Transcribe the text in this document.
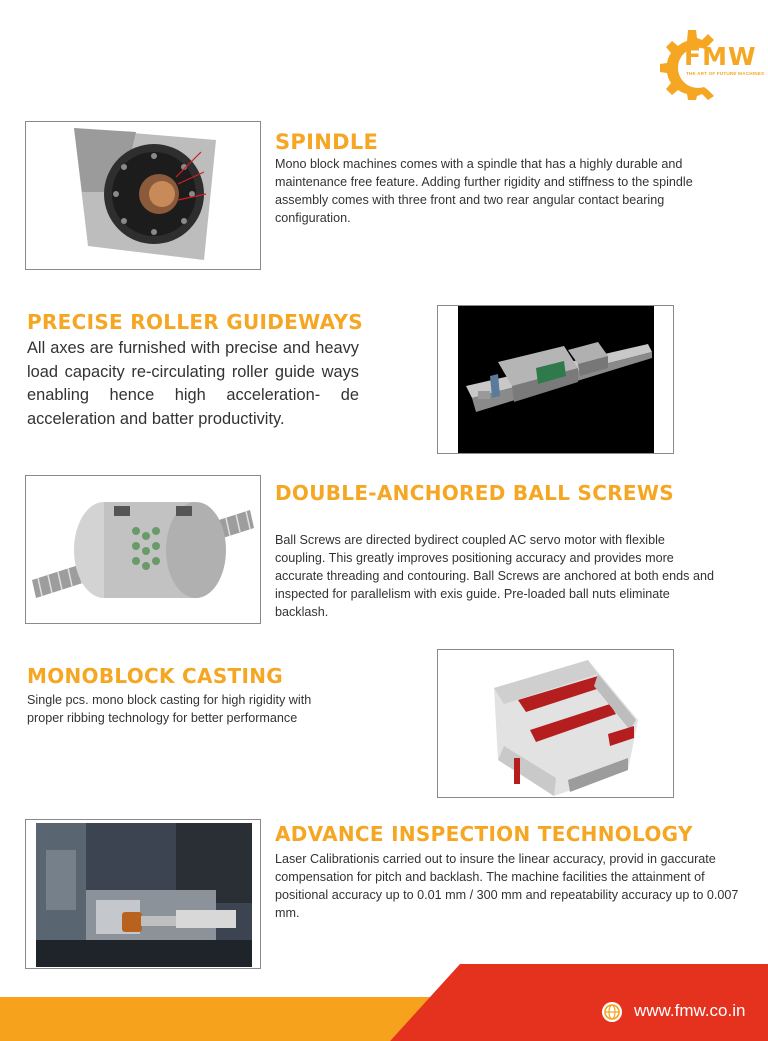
FMW
THE ART OF FUTURE MACHINES
SPINDLE
Mono block machines comes with a spindle that has a highly durable and maintenance free feature. Adding further rigidity and stiffness to the spindle assembly comes with three front and two rear angular contact bearing configuration.
PRECISE ROLLER GUIDEWAYS
All axes are furnished with precise and heavy load capacity re-circulating roller guide ways enabling hence high acceleration- de acceleration and batter productivity.
DOUBLE-ANCHORED BALL SCREWS
Ball Screws are directed bydirect coupled AC servo motor with flexible coupling. This greatly improves positioning accuracy and provides more accurate threading and contouring. Ball Screws are anchored at both ends and inspected for parallelism with exis guide. Pre-loaded ball nuts eliminate backlash.
MONOBLOCK CASTING
Single pcs. mono block casting for high rigidity with proper ribbing technology for better performance
ADVANCE INSPECTION TECHNOLOGY
Laser Calibrationis carried out to insure the linear accuracy, provid in gaccurate compensation for pitch and backlash. The machine facilities the attainment of positional accuracy up to 0.01 mm / 300 mm and repeatability accuracy up to 0.007 mm.
www.fmw.co.in
